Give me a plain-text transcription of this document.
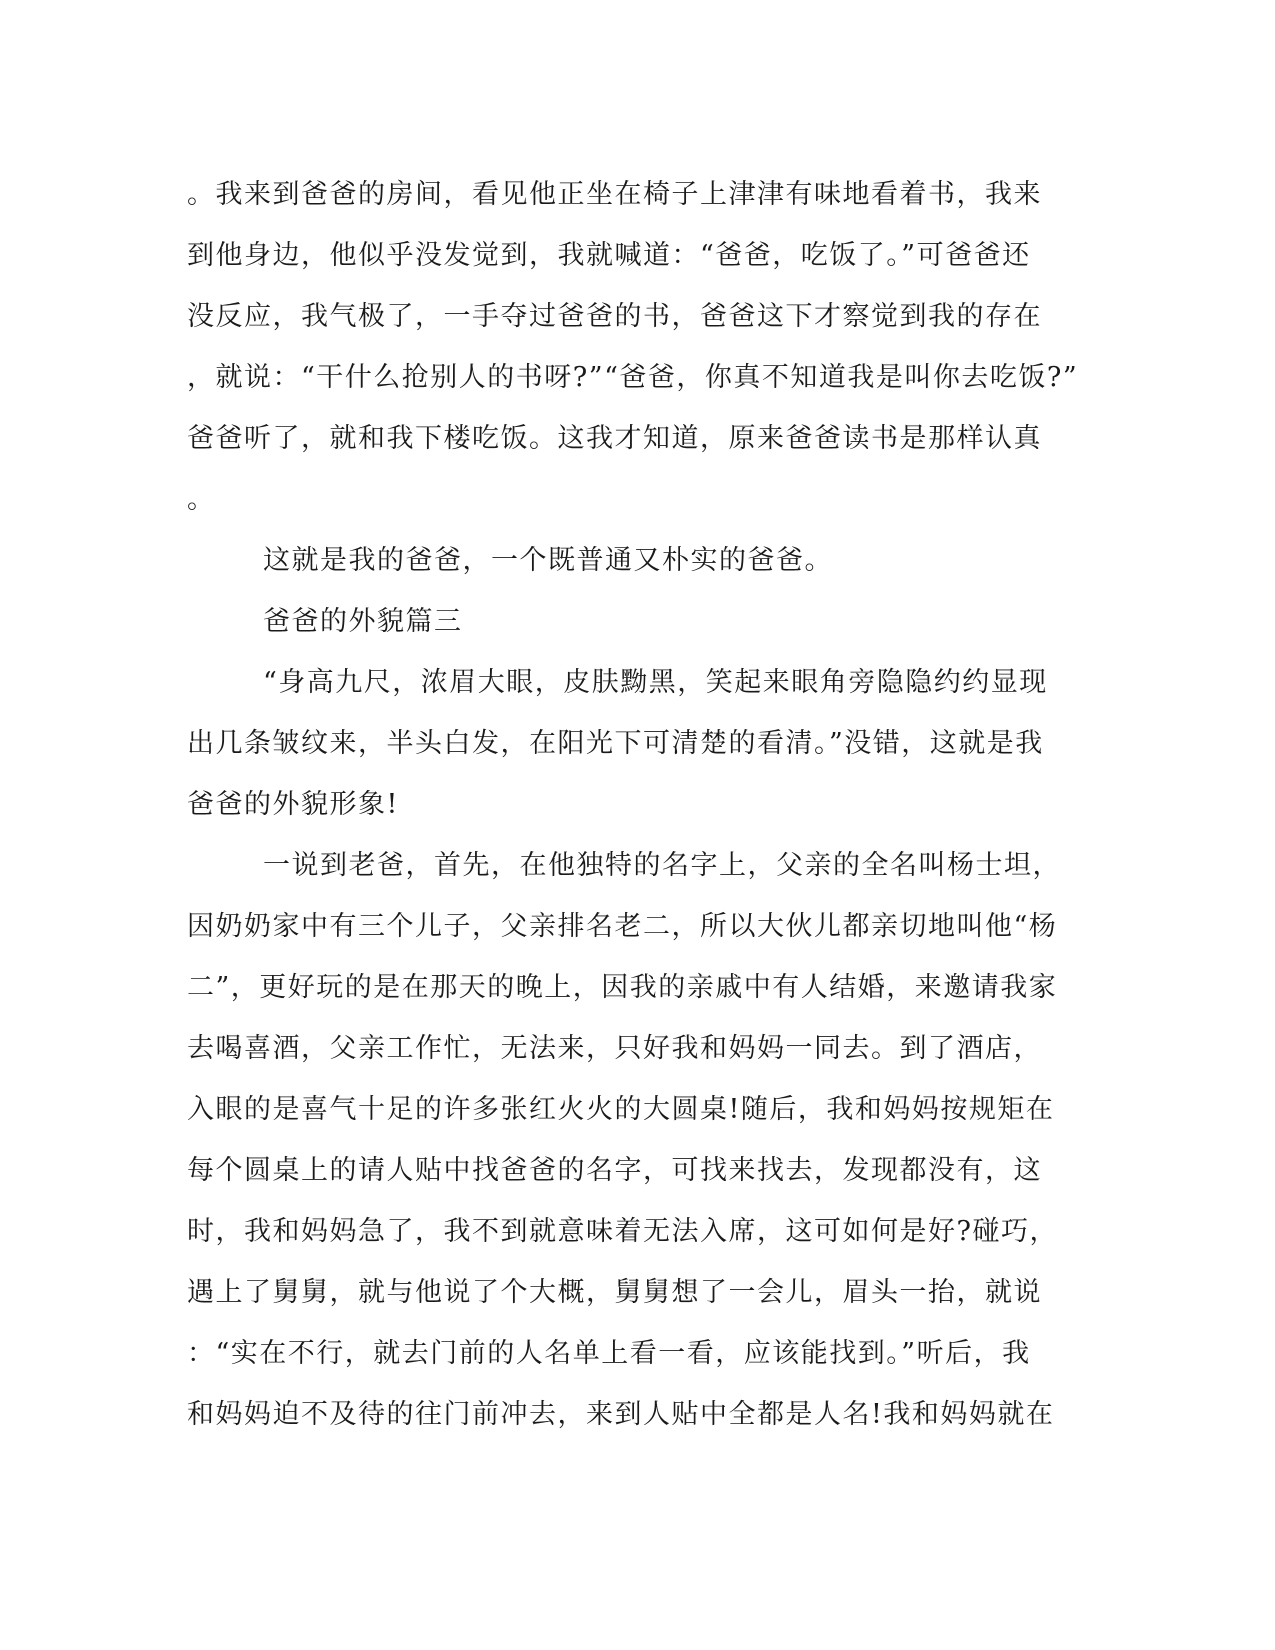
。我来到爸爸的房间，看见他正坐在椅子上津津有味地看着书，我来
到他身边，他似乎没发觉到，我就喊道：“爸爸，吃饭了。”可爸爸还
没反应，我气极了，一手夺过爸爸的书，爸爸这下才察觉到我的存在
，就说：“干什么抢别人的书呀?”“爸爸，你真不知道我是叫你去吃饭?”
爸爸听了，就和我下楼吃饭。这我才知道，原来爸爸读书是那样认真
。
这就是我的爸爸，一个既普通又朴实的爸爸。
爸爸的外貌篇三
“身高九尺，浓眉大眼，皮肤黝黑，笑起来眼角旁隐隐约约显现
出几条皱纹来，半头白发，在阳光下可清楚的看清。”没错，这就是我
爸爸的外貌形象!
一说到老爸，首先，在他独特的名字上，父亲的全名叫杨士坦，
因奶奶家中有三个儿子，父亲排名老二，所以大伙儿都亲切地叫他“杨
二”，更好玩的是在那天的晚上，因我的亲戚中有人结婚，来邀请我家
去喝喜酒，父亲工作忙，无法来，只好我和妈妈一同去。到了酒店，
入眼的是喜气十足的许多张红火火的大圆桌!随后，我和妈妈按规矩在
每个圆桌上的请人贴中找爸爸的名字，可找来找去，发现都没有，这
时，我和妈妈急了，我不到就意味着无法入席，这可如何是好?碰巧，
遇上了舅舅，就与他说了个大概，舅舅想了一会儿，眉头一抬，就说
：“实在不行，就去门前的人名单上看一看，应该能找到。”听后，我
和妈妈迫不及待的往门前冲去，来到人贴中全都是人名!我和妈妈就在
